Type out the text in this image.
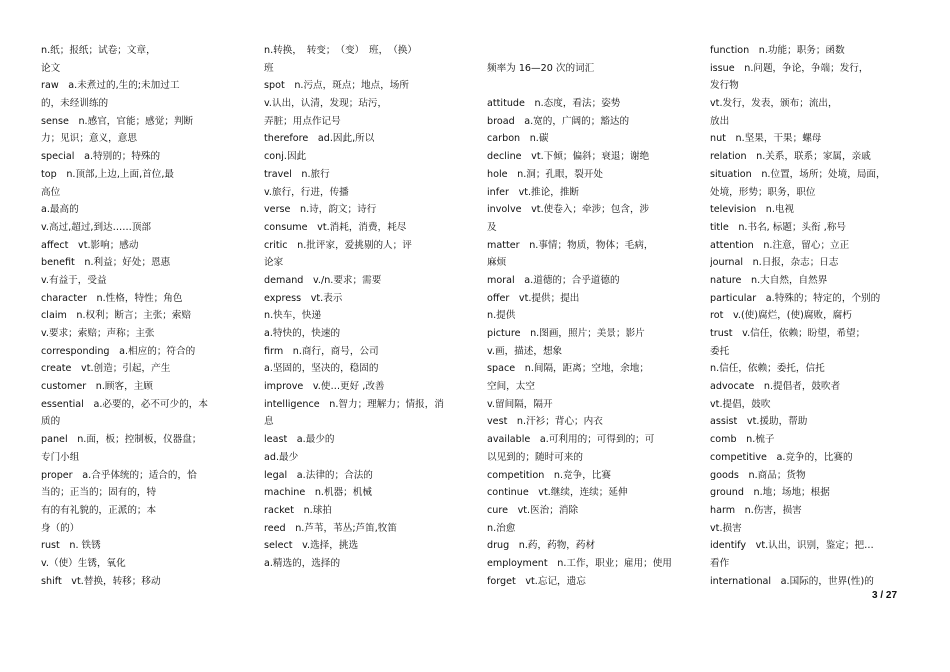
n.纸；报纸；试卷；文章，
论文
raw　a.未煮过的,生的;未加过工
的，未经训练的
sense　n.感官，官能；感觉；判断
力；见识；意义，意思
special　a.特别的；特殊的
top　n.顶部,上边,上面,首位,最
高位
a.最高的
v.高过,超过,到达……顶部
affect　vt.影响；感动
benefit　n.利益；好处；恩惠
v.有益于，受益
character　n.性格，特性；角色
claim　n.权利；断言；主张；索赔
v.要求；索赔；声称；主张
corresponding　a.相应的；符合的
create　vt.创造；引起，产生
customer　n.顾客，主顾
essential　a.必要的，必不可少的，本
质的
panel　n.面，板；控制板，仪器盘；
专门小组
proper　a.合乎体统的；适合的，恰
当的；正当的；固有的，特
有的有礼貌的，正派的；本
身（的）
rust　n. 铁锈
v.（使）生锈，氧化
shift　vt.替换，转移；移动
n.转换，　转变；　（变）　班，　（换）
班
spot　n.污点，斑点；地点，场所
v.认出，认清，发现；玷污，
弄脏；用点作记号
therefore　ad.因此,所以
conj.因此
travel　n.旅行
v.旅行，行进，传播
verse　n.诗，韵文；诗行
consume　vt.消耗，消费，耗尽
critic　n.批评家，爱挑剔的人；评
论家
demand　v./n.要求；需要
express　vt.表示
n.快车，快递
a.特快的，快速的
firm　n.商行，商号，公司
a.坚固的，坚决的，稳固的
improve　v.使…更好 ,改善
intelligence　n.智力；理解力；情报，消
息
least　a.最少的
ad.最少
legal　a.法律的；合法的
machine　n.机器；机械
racket　n.球拍
reed　n.芦苇，苇丛;芦笛,牧笛
select　v.选择，挑选
a.精选的，选择的
频率为 16—20 次的词汇
attitude　n.态度，看法；姿势
broad　a.宽的，广阔的；豁达的
carbon　n.碳
decline　vt.下倾；偏斜；衰退；谢绝
hole　n.洞；孔眼，裂开处
infer　vt.推论，推断
involve　vt.使卷入；牵涉；包含，涉
及
matter　n.事情；物质，物体；毛病，
麻烦
moral　a.道德的；合乎道德的
offer　vt.提供；提出
n.提供
picture　n.图画，照片；美景；影片
v.画，描述，想象
space　n.间隔，距离；空地，余地；
空间，太空
v.留间隔，隔开
vest　n.汗衫；背心；内衣
available　a.可利用的；可得到的；可
以见到的；随时可来的
competition　n.竞争，比赛
continue　vt.继续，连续；延伸
cure　vt.医治；消除
n.治愈
drug　n.药，药物，药材
employment　n.工作，职业；雇用；使用
forget　vt.忘记，遗忘
function　n.功能；职务；函数
issue　n.问题，争论，争端；发行，
发行物
vt.发行，发表，颁布；流出，
放出
nut　n.坚果，干果；螺母
relation　n.关系，联系；家属，亲戚
situation　n.位置，场所；处境，局面，
处境，形势；职务，职位
television　n.电视
title　n.书名, 标题；头衔 ,称号
attention　n.注意，留心；立正
journal　n.日报，杂志；日志
nature　n.大自然，自然界
particular　a.特殊的；特定的，个别的
rot　v.(使)腐烂，(使)腐败，腐朽
trust　v.信任，依赖；盼望，希望；
委托
n.信任，依赖；委托，信托
advocate　n.提倡者，鼓吹者
vt.提倡，鼓吹
assist　vt.援助，帮助
comb　n.梳子
competitive　a.竞争的，比赛的
goods　n.商品；货物
ground　n.地；场地；根据
harm　n.伤害，损害
vt.损害
identify　vt.认出，识别，鉴定；把…
看作
international　a.国际的，世界(性)的
3 / 27
